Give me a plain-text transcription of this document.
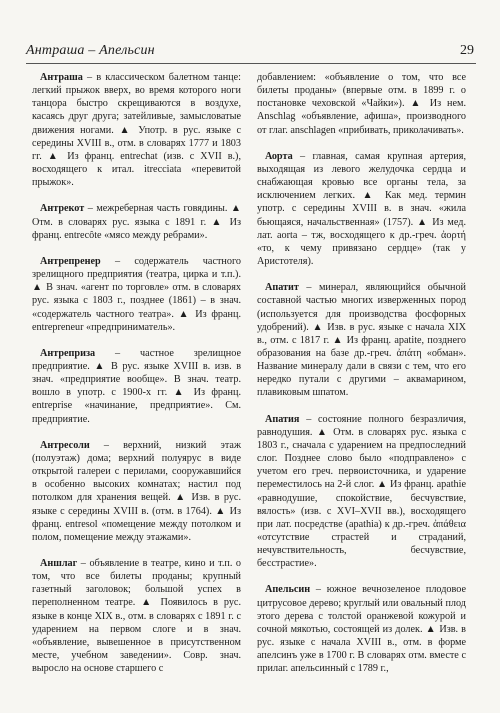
Антраша – Апельсин	29

Антраша – в классическом балетном танце: легкий прыжок вверх, во время которого ноги танцора быстро скрещиваются в воздухе, касаясь друг друга; затейливые, замысловатые движения ногами. ▲ Употр. в рус. языке с середины XVIII в., отм. в словарях 1777 и 1803 гг. ▲ Из франц. entrechat (изв. с XVII в.), восходящего к итал. itrecciata «перевитой прыжок».

Антрекот – межреберная часть говядины. ▲ Отм. в словарях рус. языка с 1891 г. ▲ Из франц. entrecôte «мясо между ребрами».

Антрепренер – содержатель частного зрелищного предприятия (театра, цирка и т.п.). ▲ В знач. «агент по торговле» отм. в словарях рус. языка с 1803 г., позднее (1861) – в знач. «содержатель частного театра». ▲ Из франц. entrepreneur «предприниматель».

Антреприза – частное зрелищное предприятие. ▲ В рус. языке XVIII в. изв. в знач. «предприятие вообще». В знач. театр. вошло в употр. с 1900-х гг. ▲ Из франц. entreprise «начинание, предприятие». См. предприятие.

Антресоли – верхний, низкий этаж (полуэтаж) дома; верхний полуярус в виде открытой галереи с перилами, сооружавшийся в особенно высоких комнатах; настил под потолком для хранения вещей. ▲ Изв. в рус. языке с середины XVIII в. (отм. в 1764). ▲ Из франц. entresol «помещение между потолком и полом, помещение между этажами».

Аншлаг – объявление в театре, кино и т.п. о том, что все билеты проданы; крупный газетный заголовок; большой успех в переполненном театре. ▲ Появилось в рус. языке в конце XIX в., отм. в словарях с 1891 г. с ударением на первом слоге и в знач. «объявление, вывешенное в присутственном месте, учебном заведении». Совр. знач. выросло на основе старшего с

добавлением: «объявление о том, что все билеты проданы» (впервые отм. в 1899 г. о постановке чеховской «Чайки»). ▲ Из нем. Anschlag «объявление, афиша», производного от глаг. anschlagen «прибивать, приколачивать».

Аорта – главная, самая крупная артерия, выходящая из левого желудочка сердца и снабжающая кровью все органы тела, за исключением легких. ▲ Как мед. термин употр. с середины XVIII в. в знач. «жила бьющаяся, начальственная» (1757). ▲ Из мед. лат. aorta – тж, восходящего к др.-греч. ἀορτή «то, к чему привязано сердце» (так у Аристотеля).

Апатит – минерал, являющийся обычной составной частью многих изверженных пород (используется для производства фосфорных удобрений). ▲ Изв. в рус. языке с начала XIX в., отм. с 1817 г. ▲ Из франц. apatite, позднего образования на базе др.-греч. ἀπάτη «обман». Название минералу дали в связи с тем, что его нередко путали с другими – аквамарином, плавиковым шпатом.

Апатия – состояние полного безразличия, равнодушия. ▲ Отм. в словарях рус. языка с 1803 г., сначала с ударением на предпоследний слог. Позднее слово было «подправлено» с учетом его греч. первоисточника, и ударение переместилось на 2-й слог. ▲ Из франц. apathie «равнодушие, спокойствие, бесчувствие, вялость» (изв. с XVI–XVII вв.), восходящего при лат. посредстве (apathia) к др.-греч. ἀπάθεια «отсутствие страстей и страданий, нечувствительность, бесчувствие, бесстрастие».

Апельсин – южное вечнозеленое плодовое цитрусовое дерево; круглый или овальный плод этого дерева с толстой оранжевой кожурой и сочной мякотью, состоящей из долек. ▲ Изв. в рус. языке с начала XVIII в., отм. в форме апелсинъ уже в 1700 г. В словарях отм. вместе с прилаг. апельсинный с 1789 г.,
